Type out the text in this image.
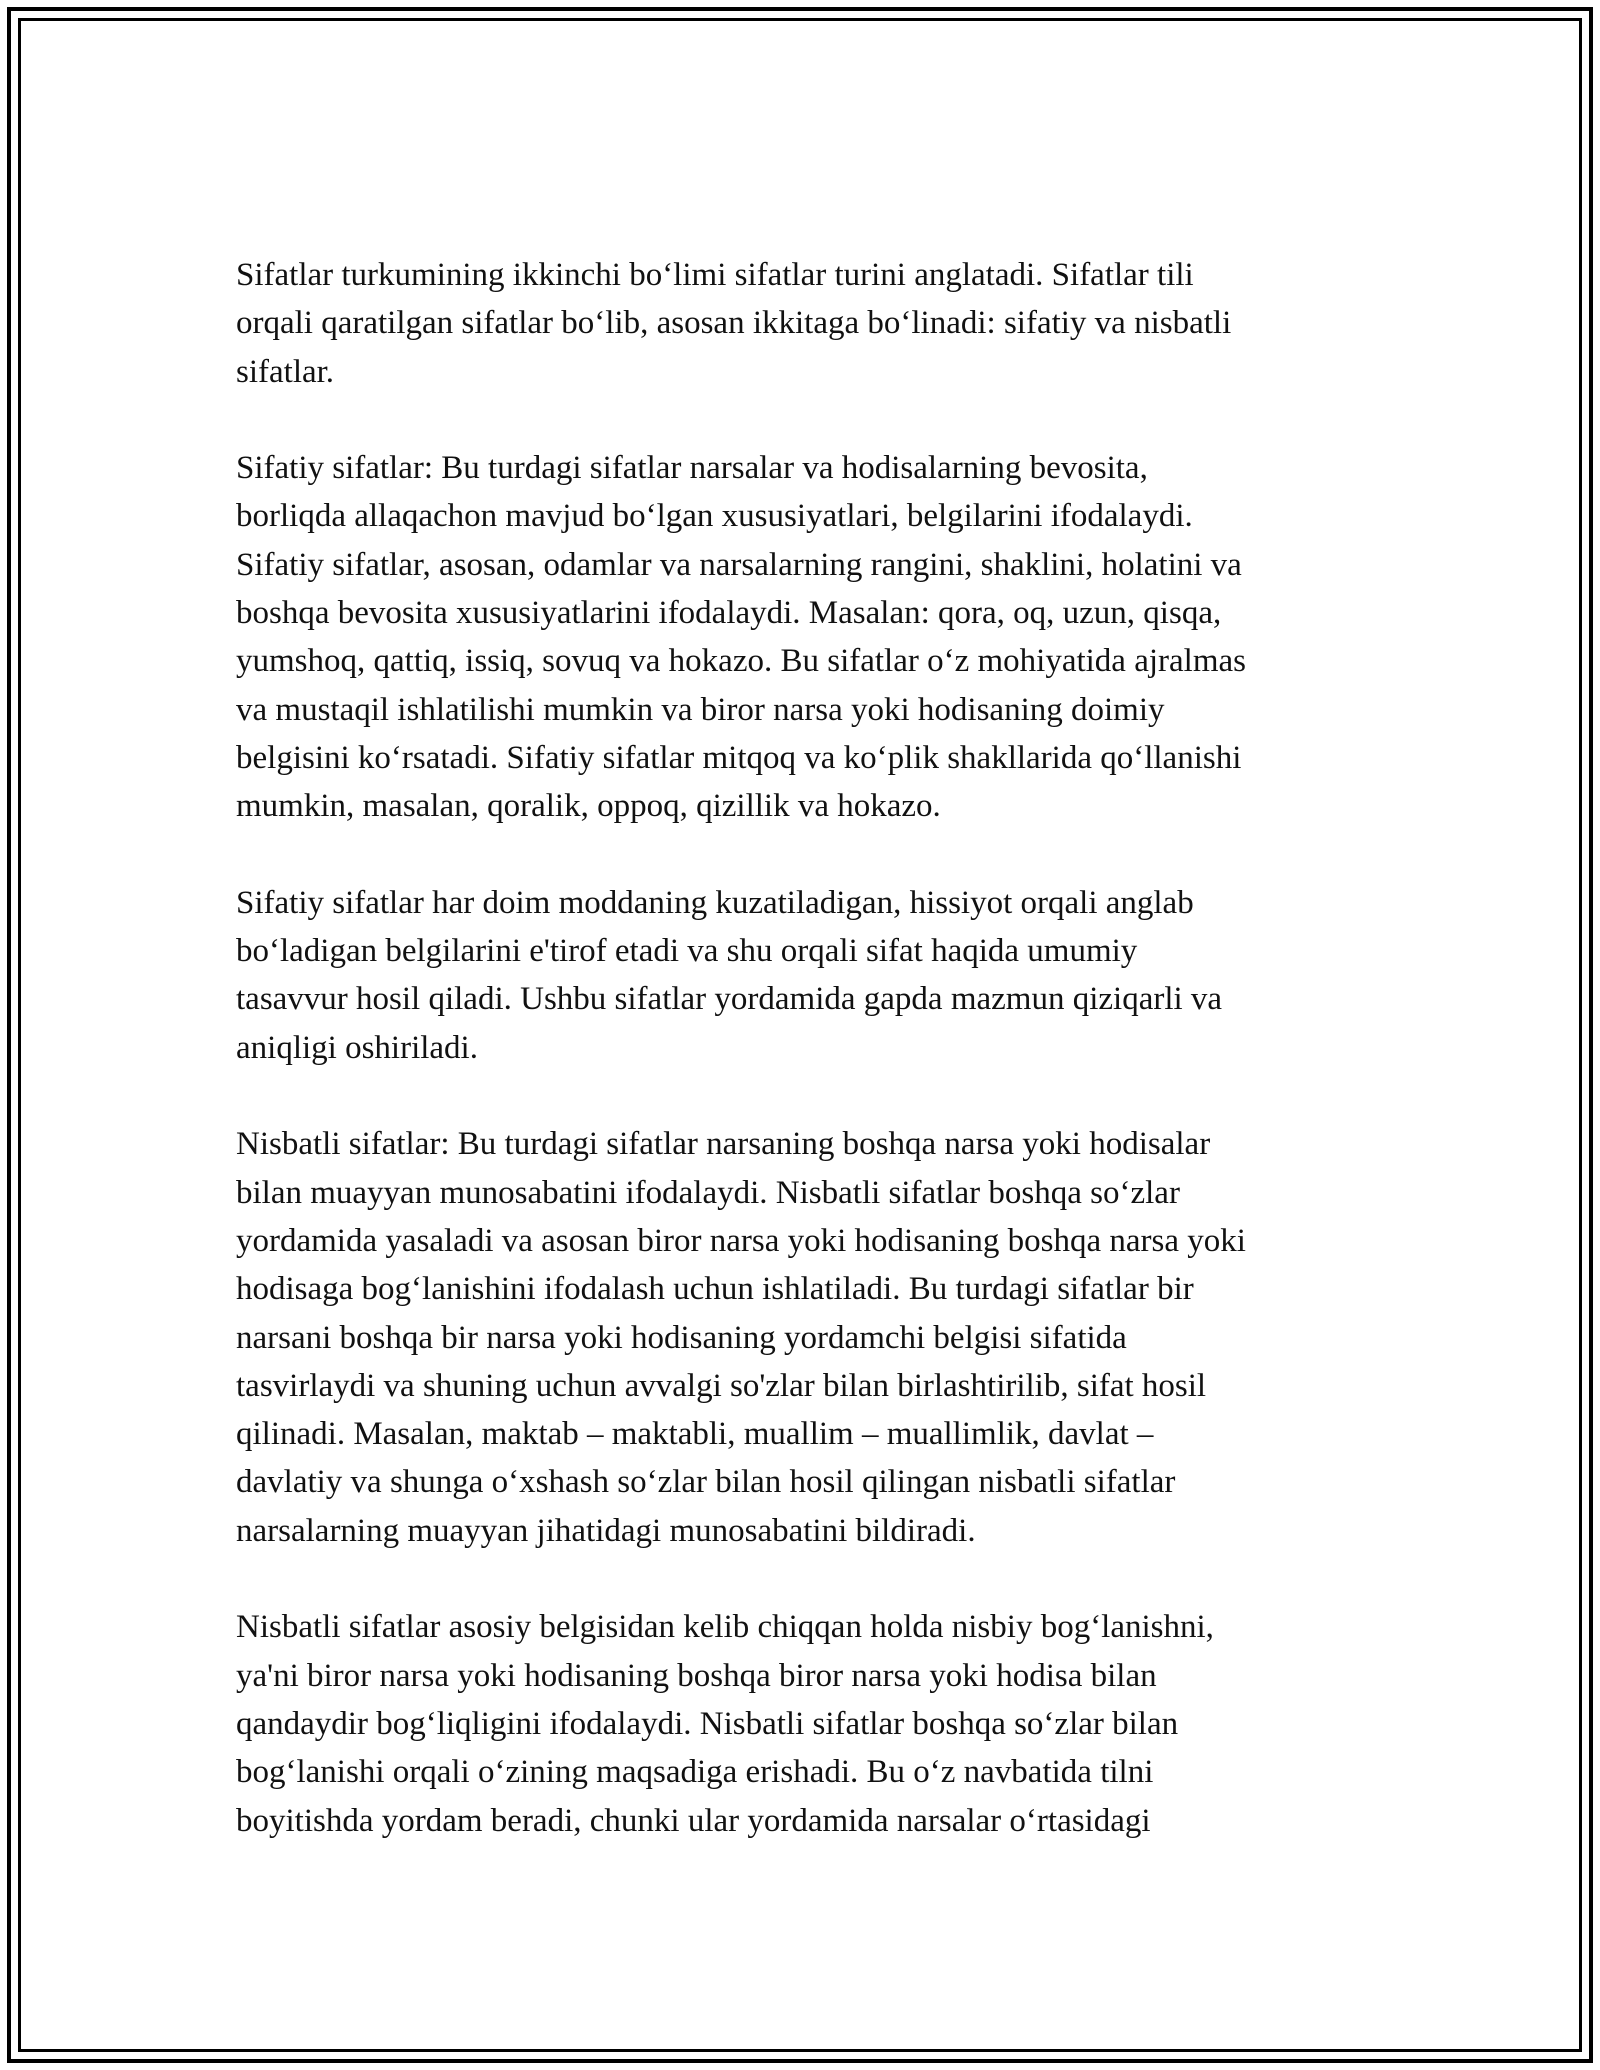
Sifatlar turkumining ikkinchi bo‘limi sifatlar turini anglatadi. Sifatlar tili
orqali qaratilgan sifatlar bo‘lib, asosan ikkitaga bo‘linadi: sifatiy va nisbatli
sifatlar.

Sifatiy sifatlar: Bu turdagi sifatlar narsalar va hodisalarning bevosita,
borliqda allaqachon mavjud bo‘lgan xususiyatlari, belgilarini ifodalaydi.
Sifatiy sifatlar, asosan, odamlar va narsalarning rangini, shaklini, holatini va
boshqa bevosita xususiyatlarini ifodalaydi. Masalan: qora, oq, uzun, qisqa,
yumshoq, qattiq, issiq, sovuq va hokazo. Bu sifatlar o‘z mohiyatida ajralmas
va mustaqil ishlatilishi mumkin va biror narsa yoki hodisaning doimiy
belgisini ko‘rsatadi. Sifatiy sifatlar mitqoq va ko‘plik shakllarida qo‘llanishi
mumkin, masalan, qoralik, oppoq, qizillik va hokazo.

Sifatiy sifatlar har doim moddaning kuzatiladigan, hissiyot orqali anglab
bo‘ladigan belgilarini e'tirof etadi va shu orqali sifat haqida umumiy
tasavvur hosil qiladi. Ushbu sifatlar yordamida gapda mazmun qiziqarli va
aniqligi oshiriladi.

Nisbatli sifatlar: Bu turdagi sifatlar narsaning boshqa narsa yoki hodisalar
bilan muayyan munosabatini ifodalaydi. Nisbatli sifatlar boshqa so‘zlar
yordamida yasaladi va asosan biror narsa yoki hodisaning boshqa narsa yoki
hodisaga bog‘lanishini ifodalash uchun ishlatiladi. Bu turdagi sifatlar bir
narsani boshqa bir narsa yoki hodisaning yordamchi belgisi sifatida
tasvirlaydi va shuning uchun avvalgi so'zlar bilan birlashtirilib, sifat hosil
qilinadi. Masalan, maktab – maktabli, muallim – muallimlik, davlat –
davlatiy va shunga o‘xshash so‘zlar bilan hosil qilingan nisbatli sifatlar
narsalarning muayyan jihatidagi munosabatini bildiradi.

Nisbatli sifatlar asosiy belgisidan kelib chiqqan holda nisbiy bog‘lanishni,
ya'ni biror narsa yoki hodisaning boshqa biror narsa yoki hodisa bilan
qandaydir bog‘liqligini ifodalaydi. Nisbatli sifatlar boshqa so‘zlar bilan
bog‘lanishi orqali o‘zining maqsadiga erishadi. Bu o‘z navbatida tilni
boyitishda yordam beradi, chunki ular yordamida narsalar o‘rtasidagi
